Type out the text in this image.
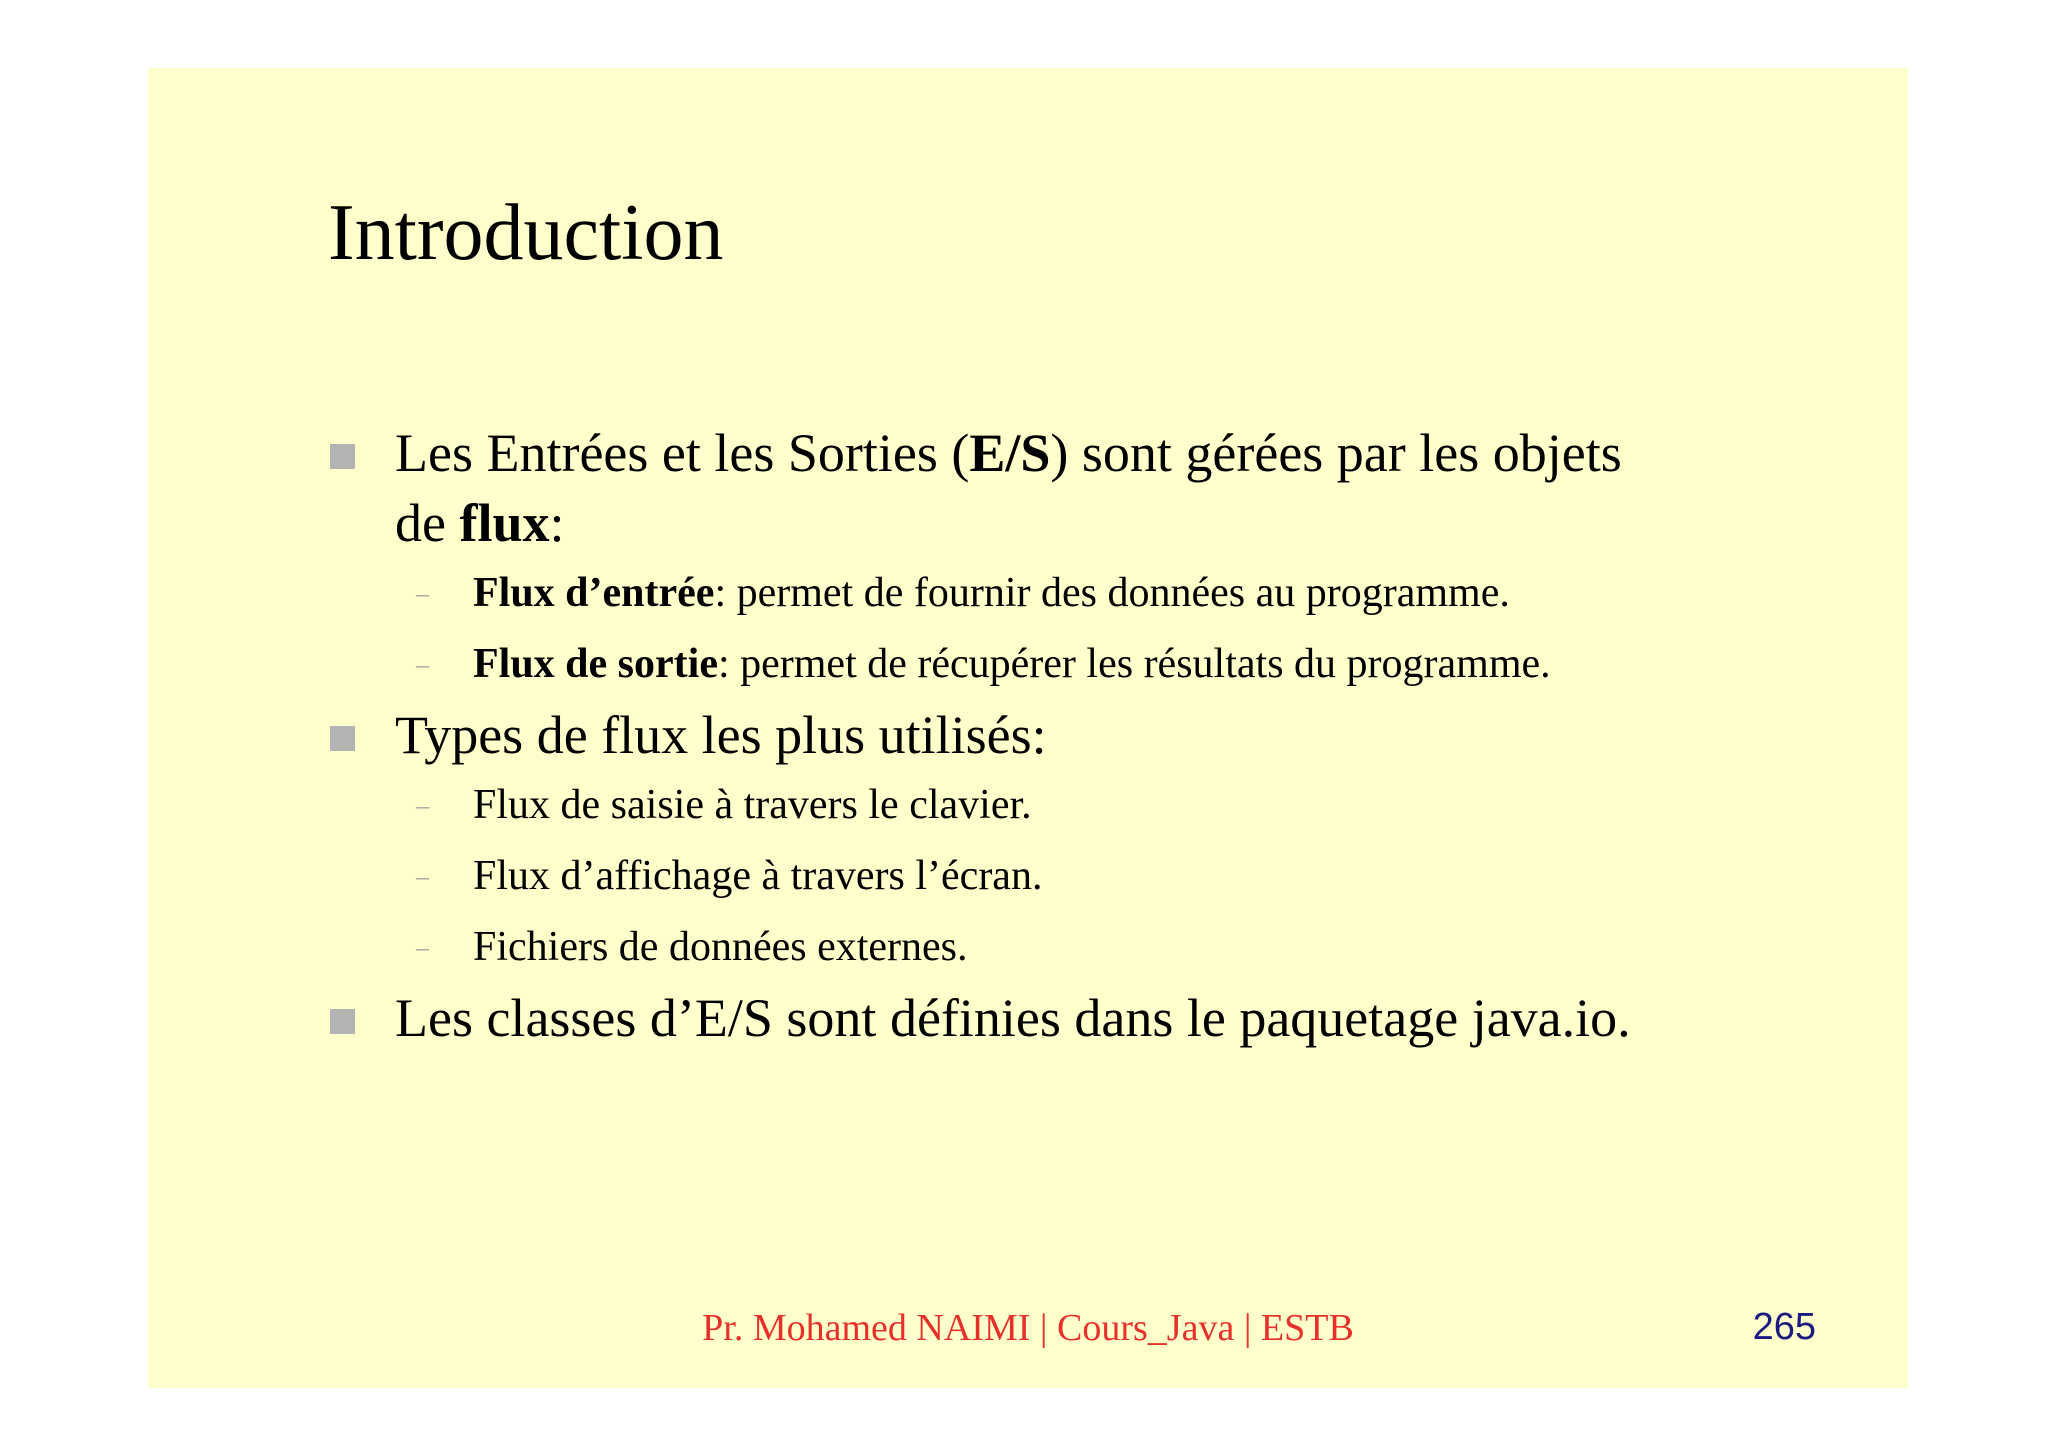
Introduction
Les Entrées et les Sorties (E/S) sont gérées par les objets
de flux:
– Flux d’entrée: permet de fournir des données au programme.
– Flux de sortie: permet de récupérer les résultats du programme.
Types de flux les plus utilisés:
– Flux de saisie à travers le clavier.
– Flux d’affichage à travers l’écran.
– Fichiers de données externes.
Les classes d’E/S sont définies dans le paquetage java.io.
Pr. Mohamed NAIMI | Cours_Java | ESTB	265
